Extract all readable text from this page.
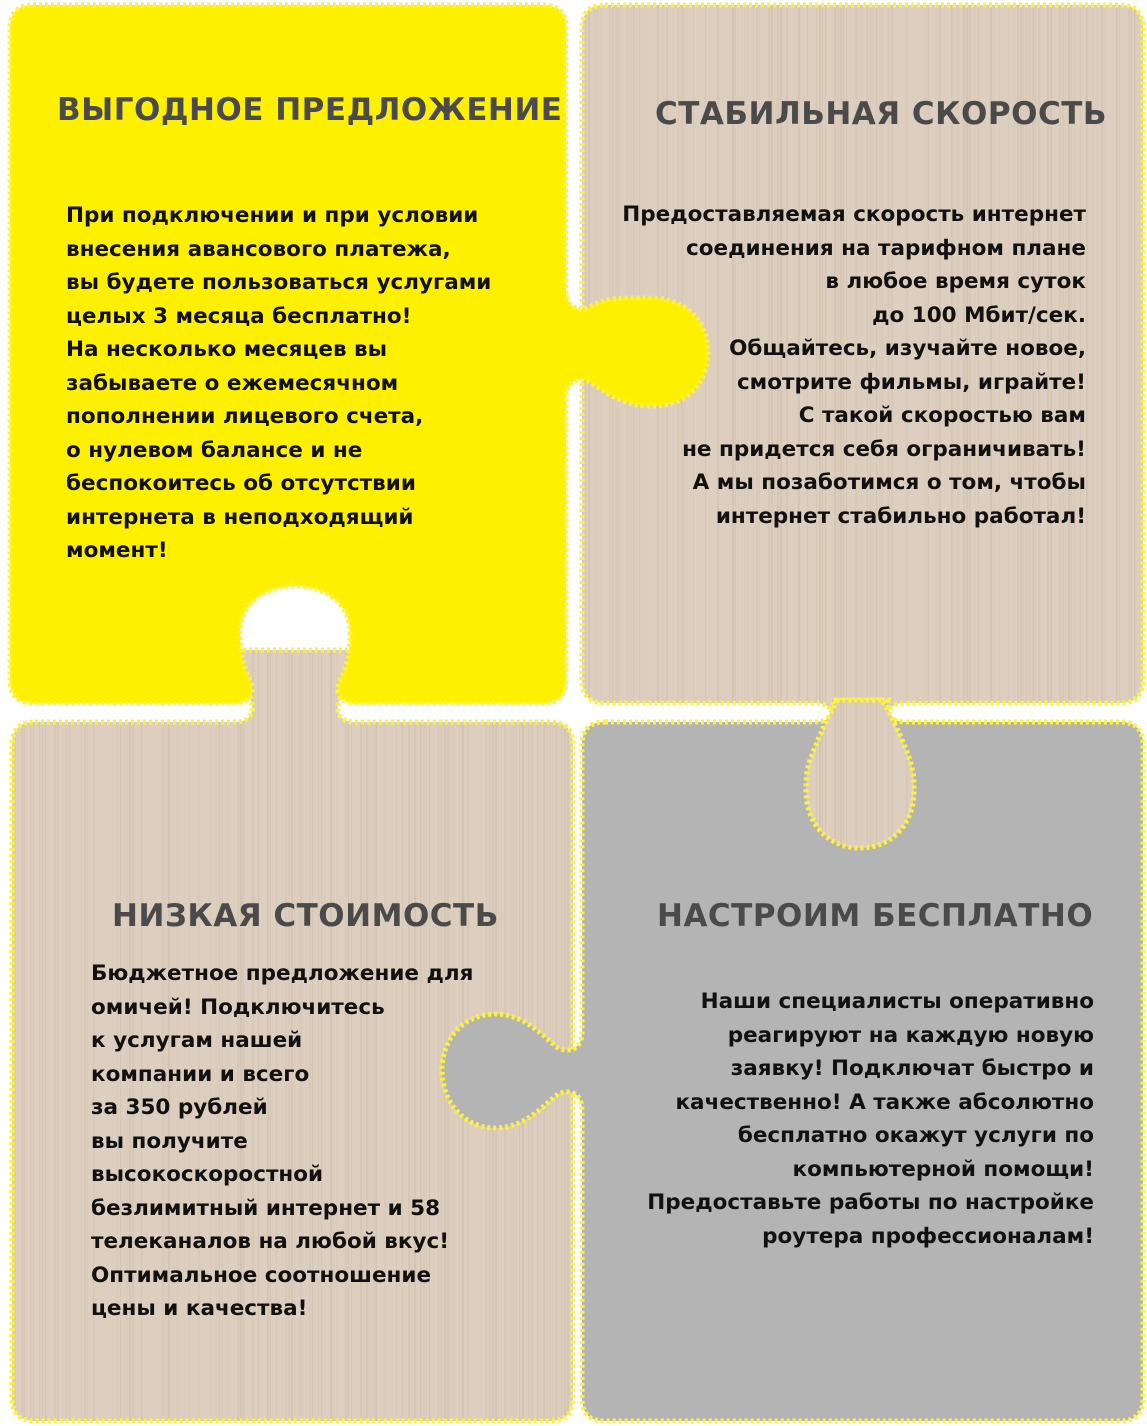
ВЫГОДНОЕ ПРЕДЛОЖЕНИЕ
При подключении и при условии
внесения авансового платежа,
вы будете пользоваться услугами
целых 3 месяца бесплатно!
На несколько месяцев вы
забываете о ежемесячном
пополнении лицевого счета,
о нулевом балансе и не
беспокоитесь об отсутствии
интернета в неподходящий
момент!
СТАБИЛЬНАЯ СКОРОСТЬ
Предоставляемая скорость интернет
соединения на тарифном плане
в любое время суток
до 100 Мбит/сек.
Общайтесь, изучайте новое,
смотрите фильмы, играйте!
С такой скоростью вам
не придется себя ограничивать!
А мы позаботимся о том, чтобы
интернет стабильно работал!
НИЗКАЯ СТОИМОСТЬ
Бюджетное предложение для
омичей! Подключитесь
к услугам нашей
компании и всего
за 350 рублей
вы получите
высокоскоростной
безлимитный интернет и 58
телеканалов на любой вкус!
Оптимальное соотношение
цены и качества!
НАСТРОИМ БЕСПЛАТНО
Наши специалисты оперативно
реагируют на каждую новую
заявку! Подключат быстро и
качественно! А также абсолютно
бесплатно окажут услуги по
компьютерной помощи!
Предоставьте работы по настройке
роутера профессионалам!
